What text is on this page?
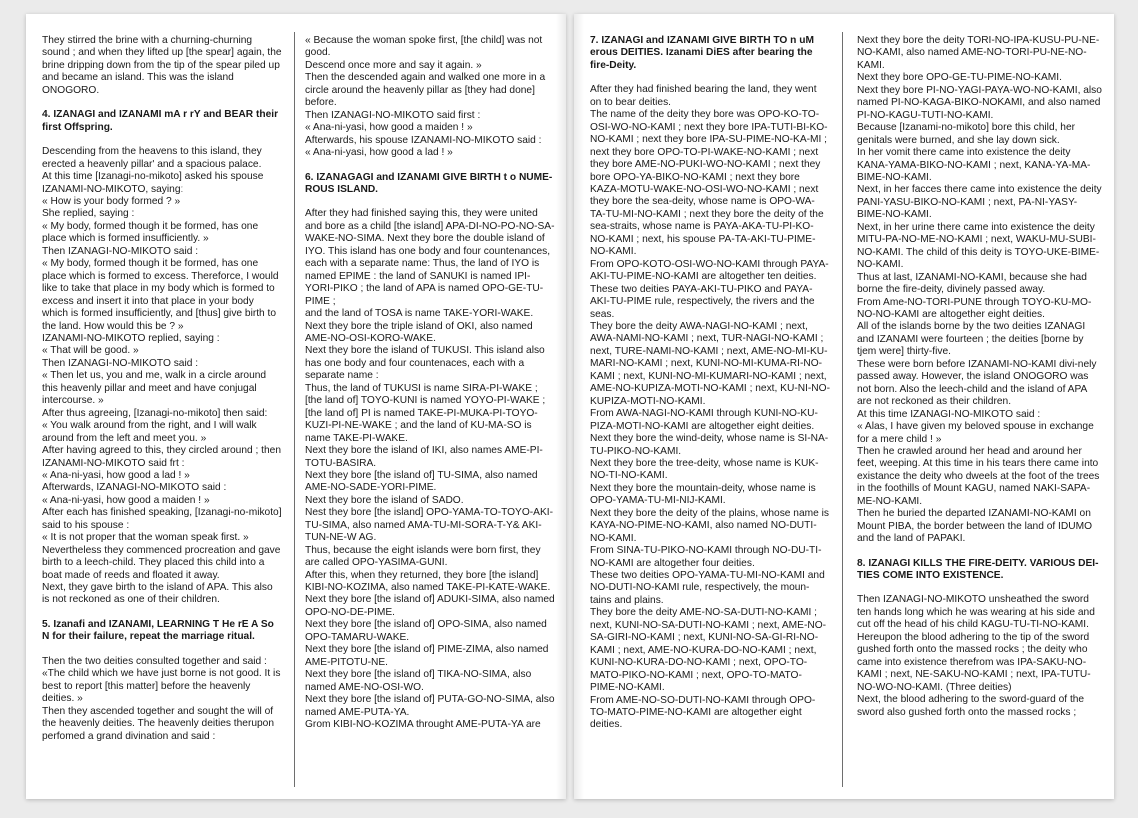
They stirred the brine with a churning-churning sound ; and when they lifted up [the spear] again, the brine dripping down from the tip of the spear piled up and became an island. This was the island ONOGORO.

4. IZANAGI and IZANAMI mA r rY and BEAR their first Offspring.

Descending from the heavens to this island, they erected a heavenly pillar' and a spacious palace.

At this time [Izanagi-no-mikoto] asked his spouse IZANAMI-NO-MIKOTO, sayingː

« How is your body formed ? »

She replied, saying :

« My body, formed though it be formed, has one place which is formed insufficiently. »

Then IZANAGI-NO-MIKOTO said :

« My body, formed though it be formed, has one place which is formed to excess. Thereforce, I would like to take that place in my body which is formed to excess and insert it into that place in your body which is formed insufficiently, and [thus] give birth to the land. How would this be ? »

IZANAMI-NO-MIKOTO replied, saying :

« That will be good. »

Then IZANAGI-NO-MIKOTO said :

« Then let us, you and me, walk in a circle around this heavenly pillar and meet and have conjugal intercourse. »

After thus agreeing, [Izanagi-no-mikoto] then said:

« You walk around from the right, and I will walk around from the left and meet you. »

After having agreed to this, they circled around ; then IZANAMI-NO-MIKOTO said frt :

« Ana-ni-yasi, how good a lad ! »

Afterwards, IZANAGI-NO-MIKOTO said :

« Ana-ni-yasi, how good a maiden ! »

After each has finished speaking, [Izanagi-no-mikoto] said to his spouse :

« It is not proper that the woman speak first. »

Nevertheless they commenced procreation and gave birth to a leech-child. They placed this child into a boat made of reeds and floated it away.

Next, they gave birth to the island of APA. This also is not reckoned as one of their children.

5. Izanafi and IZANAMI, LEARNING T He rE A So N for their failure, repeat the marriage ritual.

Then the two deities consulted together and said :

«The child which we have just borne is not good. It is best to report [this matter] before the heavenly deities. »

Then they ascended together and sought the will of the heavenly deities. The heavenly deities therupon perfomed a grand divination and said :

« Because the woman spoke first, [the child] was not good.

Descend once more and say it again. »

Then the descended again and walked one more in a circle around the heavenly pillar as [they had done] before.

Then IZANAGI-NO-MIKOTO said first :

« Ana-ni-yasi, how good a maiden ! »

Afterwards, his spouse IZANAMI-NO-MIKOTO said :

« Ana-ni-yasi, how good a lad ! »

6. IZANAGAGI and IZANAMI GIVE BIRTH t o NUME-ROUS ISLAND.

After they had finished saying this, they were united and bore as a child [the island] APA-DI-NO-PO-NO-SA-WAKE-NO-SIMA. Next they bore the double island of IYO. This island has one body and four countenances, each with a separate name: Thus, the land of IYO is named EPIME : the land of SANUKI is named IPI-YORI-PIKO ; the land of APA is named OPO-GE-TU-PIME ;

and the land of TOSA is name TAKE-YORI-WAKE.

Next they bore the triple island of OKI, also named AME-NO-OSI-KORO-WAKE.

Next they bore the island of TUKUSI. This island also has one body and four countenaces, each with a separate name :

Thus, the land of TUKUSI is name SIRA-PI-WAKE ; [the land of] TOYO-KUNI is named YOYO-PI-WAKE ; [the land of] PI is named TAKE-PI-MUKA-PI-TOYO-KUZI-PI-NE-WAKE ; and the land of KU-MA-SO is name TAKE-PI-WAKE.

Next they bore the island of IKI, also names AME-PI-TOTU-BASIRA.

Next they bore [the island of] TU-SIMA, also named AME-NO-SADE-YORI-PIME.

Next they bore the island of SADO.

Nest they bore [the island] OPO-YAMA-TO-TOYO-AKI-TU-SIMA, also named AMA-TU-MI-SORA-T-Y& AKI-TUN-NE-W AG.

Thus, because the eight islands were born first, they are called OPO-YASIMA-GUNI.

After this, when they returned, they bore [the island] KIBI-NO-KOZIMA, also named TAKE-PI-KATE-WAKE.

Next they bore [the island of] ADUKI-SIMA, also named OPO-NO-DE-PIME.

Next they bore [the island of] OPO-SIMA, also named OPO-TAMARU-WAKE.

Next they bore [the island of] PIME-ZIMA, also named AME-PITOTU-NE.

Next they bore [the island of] TIKA-NO-SIMA, also named AME-NO-OSI-WO.

Next they bore [the island of] PUTA-GO-NO-SIMA, also named AME-PUTA-YA.

Grom KIBI-NO-KOZIMA throught AME-PUTA-YA are

7. IZANAGI and IZANAMI GIVE BIRTH TO n uM erous DEITIES. Izanami DiES after bearing the fire-Deity.

After they had finished bearing the land, they went on to bear deities.

The name of the deity they bore was OPO-KO-TO-OSI-WO-NO-KAMI ; next they bore IPA-TUTI-BI-KO-NO-KAMI ; next they bore IPA-SU-PIME-NO-KA-MI ; next they bore OPO-TO-PI-WAKE-NO-KAMI ; next they bore AME-NO-PUKI-WO-NO-KAMI ; next they bore OPO-YA-BIKO-NO-KAMI ; next they bore KAZA-MOTU-WAKE-NO-OSI-WO-NO-KAMI ; next they bore the sea-deity, whose name is OPO-WA-TA-TU-MI-NO-KAMI ; next they bore the deity of the sea-straits, whose name is PAYA-AKA-TU-PI-KO-NO-KAMI ; next, his spouse PA-TA-AKI-TU-PIME-NO-KAMI.

From OPO-KOTO-OSI-WO-NO-KAMI through PAYA-AKI-TU-PIME-NO-KAMI are altogether ten deities.

These two deities PAYA-AKI-TU-PIKO and PAYA-AKI-TU-PIME rule, respectively, the rivers and the seas.

They bore the deity AWA-NAGI-NO-KAMI ; next, AWA-NAMI-NO-KAMI ; next, TUR-NAGI-NO-KAMI ; next, TURE-NAMI-NO-KAMI ; next, AME-NO-MI-KU-MARI-NO-KAMI ; next, KUNI-NO-MI-KUMA-RI-NO-KAMI ; next, KUNI-NO-MI-KUMARI-NO-KAMI ; next, AME-NO-KUPIZA-MOTI-NO-KAMI ; next, KU-NI-NO-KUPIZA-MOTI-NO-KAMI.

From AWA-NAGI-NO-KAMI through KUNI-NO-KU-PIZA-MOTI-NO-KAMI are altogether eight deities.

Next they bore the wind-deity, whose name is SI-NA-TU-PIKO-NO-KAMI.

Next they bore the tree-deity, whose name is KUK-NO-TI-NO-KAMI.

Next they bore the mountain-deity, whose name is OPO-YAMA-TU-MI-NIJ-KAMI.

Next they bore the deity of the plains, whose name is KAYA-NO-PIME-NO-KAMI, also named NO-DUTI-NO-KAMI.

From SINA-TU-PIKO-NO-KAMI through NO-DU-TI-NO-KAMI are altogether four deities.

These two deities OPO-YAMA-TU-MI-NO-KAMI and NO-DUTI-NO-KAMI rule, respectively, the moun-tains and plains.

They bore the deity AME-NO-SA-DUTI-NO-KAMI ; next, KUNI-NO-SA-DUTI-NO-KAMI ; next, AME-NO-SA-GIRI-NO-KAMI ; next, KUNI-NO-SA-GI-RI-NO-KAMI ; next, AME-NO-KURA-DO-NO-KAMI ; next, KUNI-NO-KURA-DO-NO-KAMI ; next, OPO-TO-MATO-PIKO-NO-KAMI ; next, OPO-TO-MATO-PIME-NO-KAMI.

From AME-NO-SO-DUTI-NO-KAMI through OPO-TO-MATO-PIME-NO-KAMI are altogether eight deities.

Next they bore the deity TORI-NO-IPA-KUSU-PU-NE-NO-KAMI, also named AME-NO-TORI-PU-NE-NO-KAMI.

Next they bore OPO-GE-TU-PIME-NO-KAMI.

Next they bore PI-NO-YAGI-PAYA-WO-NO-KAMI, also named PI-NO-KAGA-BIKO-NOKAMI, and also named PI-NO-KAGU-TUTI-NO-KAMI.

Because [Izanami-no-mikoto] bore this child, her genitals were burned, and she lay down sick.

In her vomit there came into existence the deity KANA-YAMA-BIKO-NO-KAMI ; next, KANA-YA-MA-BIME-NO-KAMI.

Next, in her facces there came into existence the deity PANI-YASU-BIKO-NO-KAMI ; next, PA-NI-YASY-BIME-NO-KAMI.

Next, in her urine there came into existence the deity MITU-PA-NO-ME-NO-KAMI ; next, WAKU-MU-SUBI-NO-KAMI. The child of this deity is TOYO-UKE-BIME-NO-KAMI.

Thus at last, IZANAMI-NO-KAMI, because she had borne the fire-deity, divinely passed away.

From Ame-NO-TORI-PUNE through TOYO-KU-MO-NO-NO-KAMI are altogether eight deities.

All of the islands borne by the two deities IZANAGI and IZANAMI were fourteen ; the deities [borne by tjem were] thirty-five.

These were born before IZANAMI-NO-KAMI divi-nely passed away. However, the island ONOGORO was not born. Also the leech-child and the island of APA are not reckoned as their children.

At this time IZANAGI-NO-MIKOTO said :

« Alas, I have given my beloved spouse in exchange for a mere child ! »

Then he crawled around her head and around her feet, weeping. At this time in his tears there came into existance the deity who dweels at the foot of the trees in the foothills of Mount KAGU, named NAKI-SAPA-ME-NO-KAMI.

Then he buried the departed IZANAMI-NO-KAMI on Mount PIBA, the border between the land of IDUMO and the land of PAPAKI.

8. IZANAGI KILLS THE FIRE-DEITY. VARIOUS DEI-TIES COME INTO EXISTENCE.

Then IZANAGI-NO-MIKOTO unsheathed the sword ten hands long which he was wearing at his side and cut off the head of his child KAGU-TU-TI-NO-KAMI.

Hereupon the blood adhering to the tip of the sword gushed forth onto the massed rocks ; the deity who came into existence therefrom was IPA-SAKU-NO-KAMI ; next, NE-SAKU-NO-KAMI ; next, IPA-TUTU-NO-WO-NO-KAMI. (Three deities)

Next, the blood adhering to the sword-guard of the sword also gushed forth onto the massed rocks ;
